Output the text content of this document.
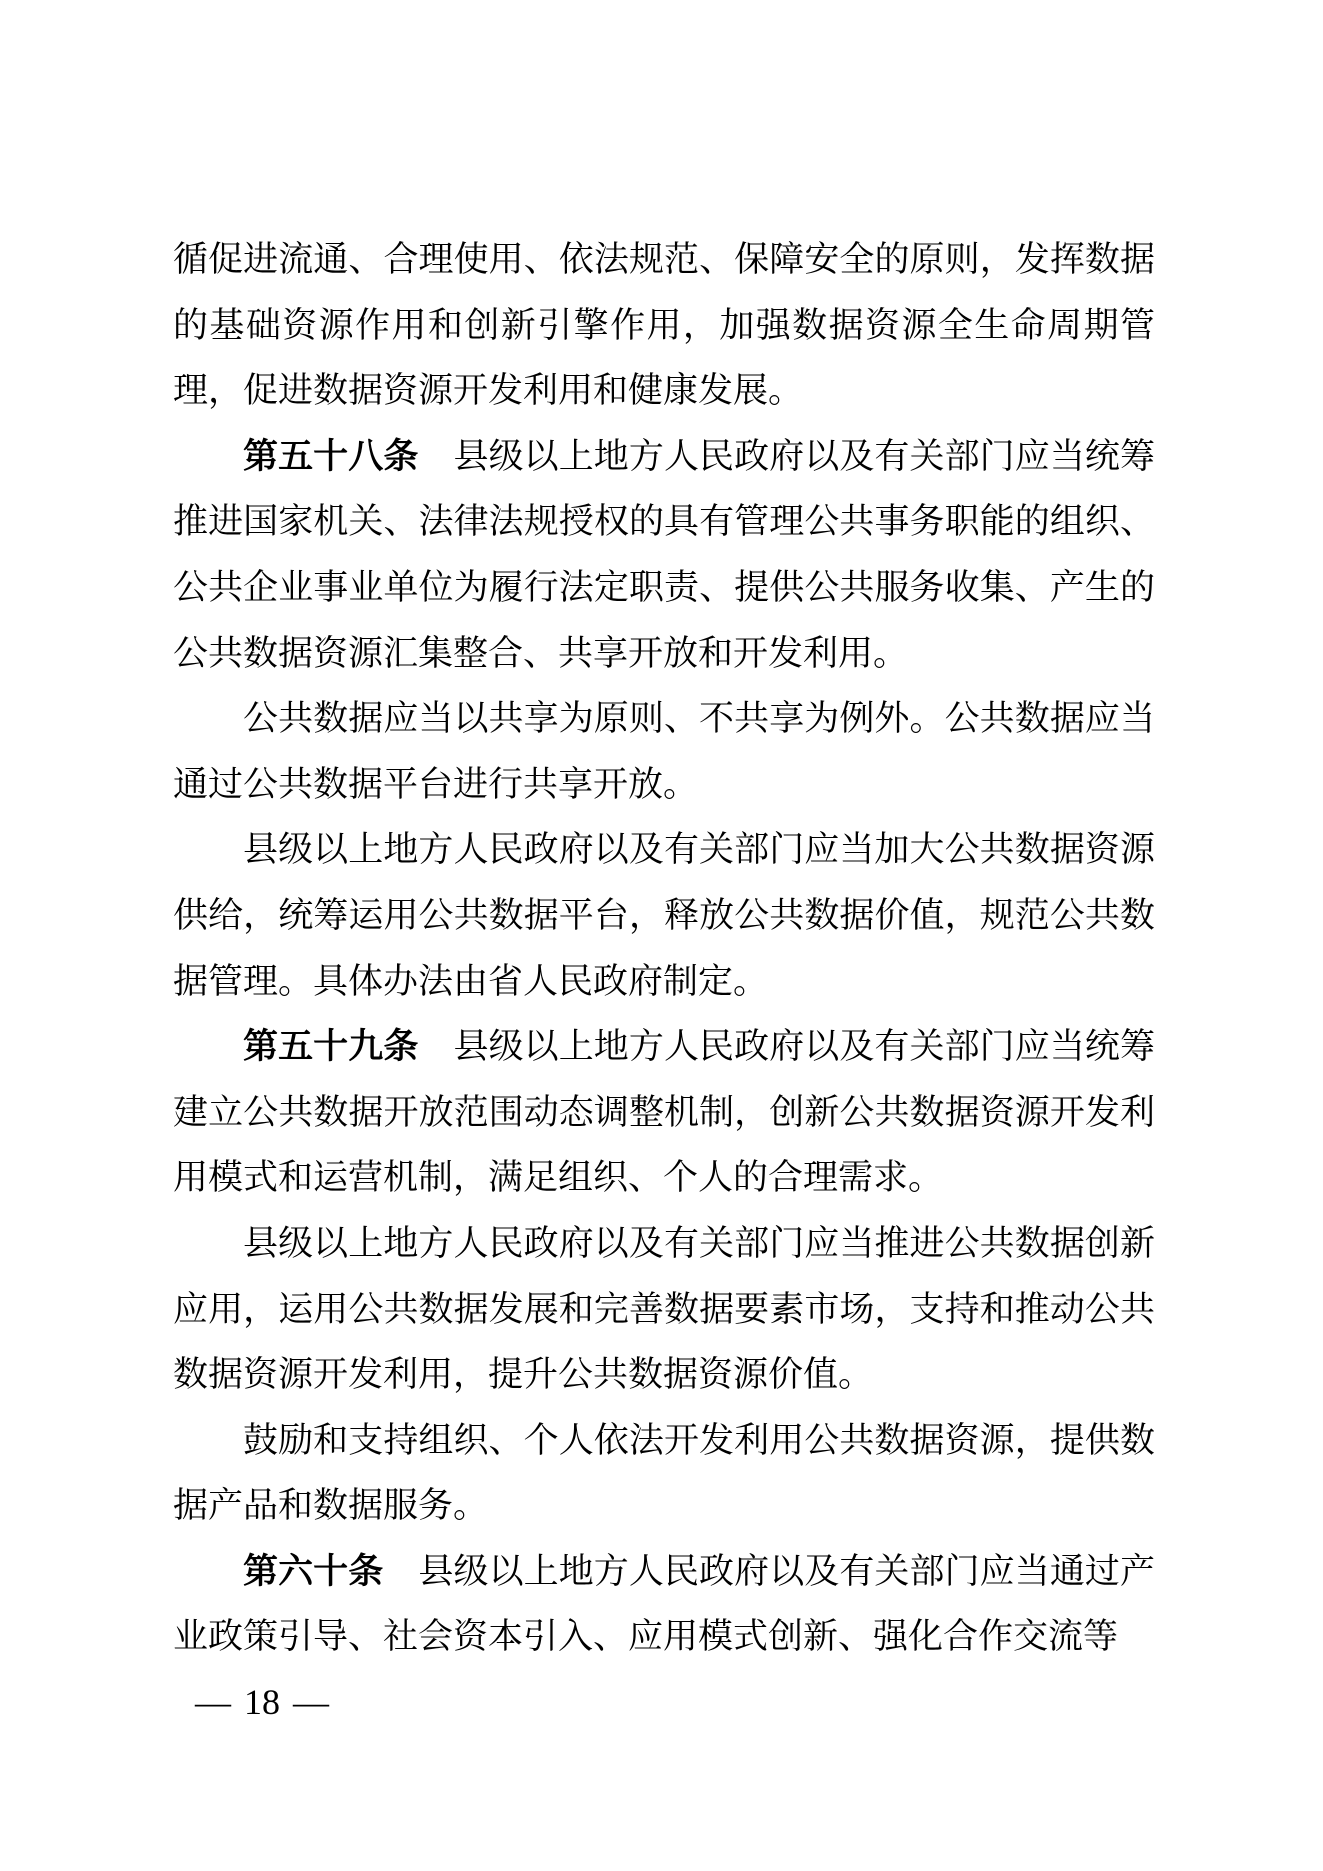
循促进流通、合理使用、依法规范、保障安全的原则，发挥数据的基础资源作用和创新引擎作用，加强数据资源全生命周期管理，促进数据资源开发利用和健康发展。

第五十八条　县级以上地方人民政府以及有关部门应当统筹推进国家机关、法律法规授权的具有管理公共事务职能的组织、公共企业事业单位为履行法定职责、提供公共服务收集、产生的公共数据资源汇集整合、共享开放和开发利用。

公共数据应当以共享为原则、不共享为例外。公共数据应当通过公共数据平台进行共享开放。

县级以上地方人民政府以及有关部门应当加大公共数据资源供给，统筹运用公共数据平台，释放公共数据价值，规范公共数据管理。具体办法由省人民政府制定。

第五十九条　县级以上地方人民政府以及有关部门应当统筹建立公共数据开放范围动态调整机制，创新公共数据资源开发利用模式和运营机制，满足组织、个人的合理需求。

县级以上地方人民政府以及有关部门应当推进公共数据创新应用，运用公共数据发展和完善数据要素市场，支持和推动公共数据资源开发利用，提升公共数据资源价值。

鼓励和支持组织、个人依法开发利用公共数据资源，提供数据产品和数据服务。

第六十条　县级以上地方人民政府以及有关部门应当通过产业政策引导、社会资本引入、应用模式创新、强化合作交流等

— 18 —
